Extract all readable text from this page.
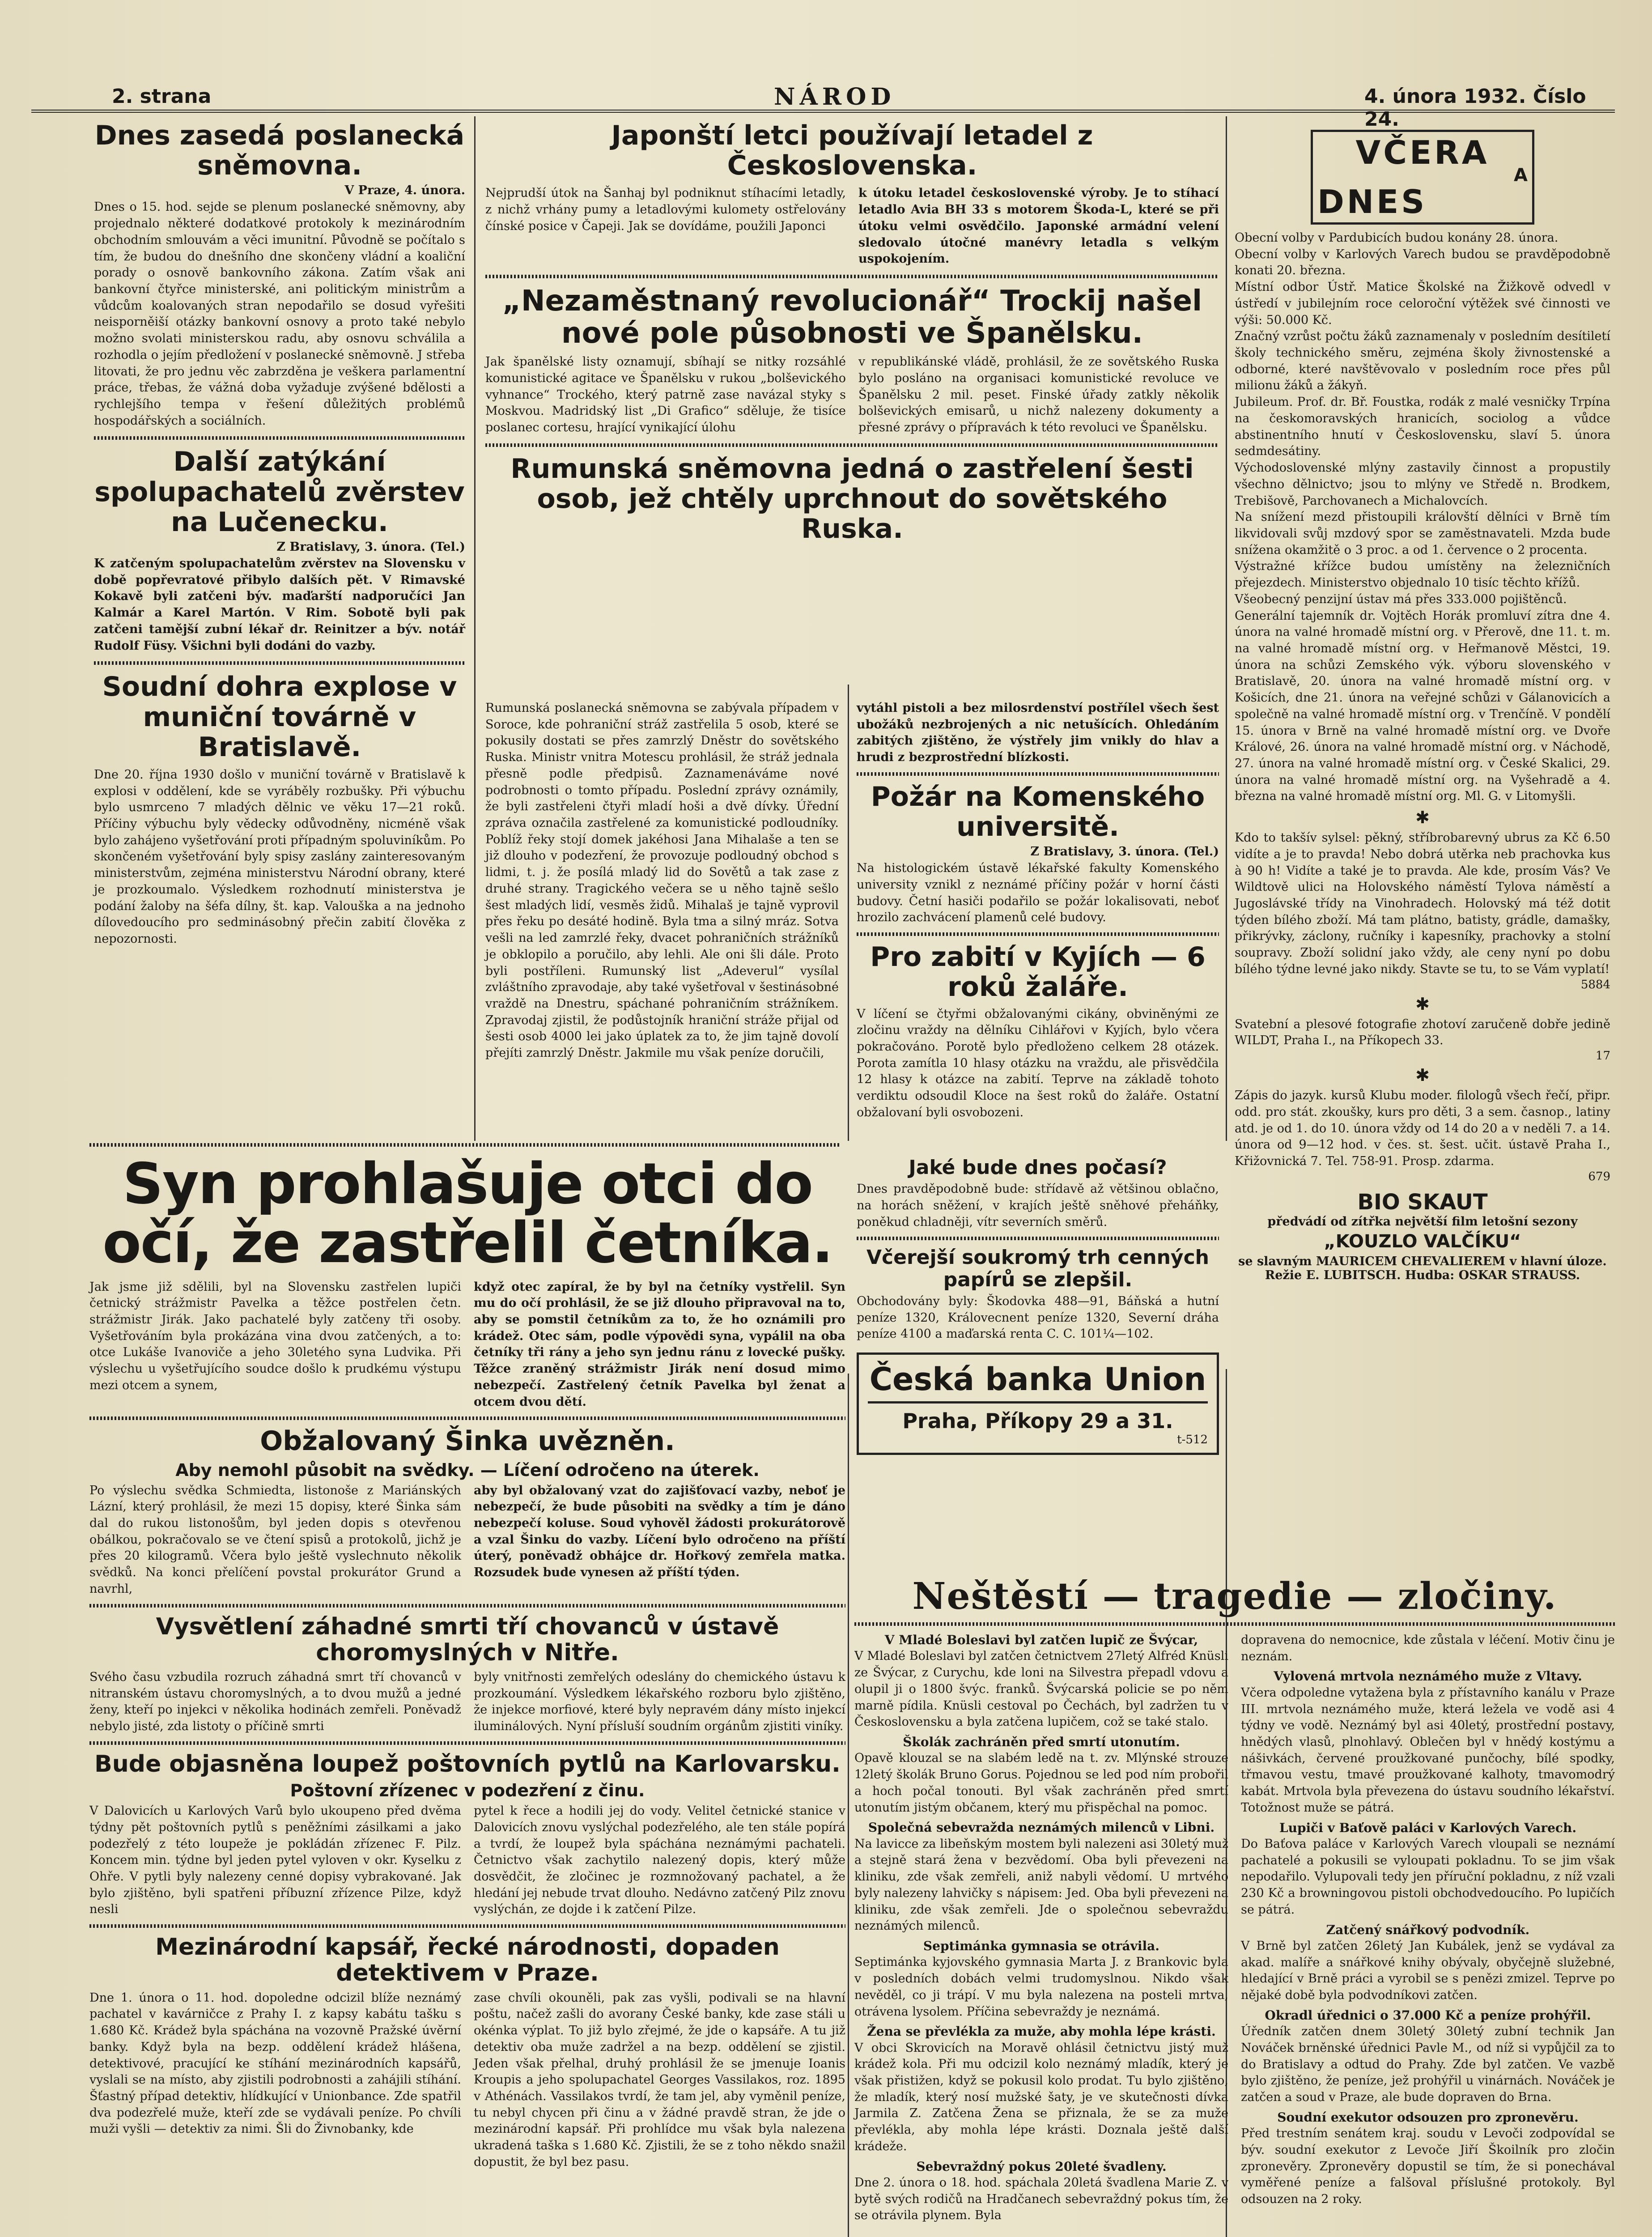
2. strana	NÁROD	4. února 1932. Číslo 24.
Dnes zasedá poslanecká sněmovna.
V Praze, 4. února.

Dnes o 15. hod. sejde se plenum poslanecké sněmovny, aby projednalo některé dodatkové protokoly k mezinárodním obchodním smlouvám a věci imunitní. Původně se počítalo s tím, že budou do dnešního dne skončeny vládní a koaliční porady o osnově bankovního zákona. Zatím však ani bankovní čtyřce ministerské, ani politickým ministrům a vůdcům koalovaných stran nepodařilo se dosud vyřešiti neisporněiší otázky bankovní osnovy a proto také nebylo možno svolati ministerskou radu, aby osnovu schválila a rozhodla o jejím předložení v poslanecké sněmovně. J střeba litovati, že pro jednu věc zabrzděna je veškera parlamentní práce, třebas, že vážná doba vyžaduje zvýšené bdělosti a rychlejšího tempa v řešení důležitých problémů hospodářských a sociálních.

Další zatýkání spolupachatelů zvěrstev na Lučenecku.
Z Bratislavy, 3. února. (Tel.)

K zatčeným spolupachatelům zvěrstev na Slovensku v době popřevratové přibylo dalších pět. V Rimavské Kokavě byli zatčeni býv. maďarští nadporučíci Jan Kalmár a Karel Martón. V Rim. Sobotě byli pak zatčeni tamější zubní lékař dr. Reinitzer a býv. notář Rudolf Füsy. Všichni byli dodáni do vazby.

Soudní dohra explose v muniční továrně v Bratislavě.

Dne 20. října 1930 došlo v muniční továrně v Bratislavě k explosi v oddělení, kde se vyráběly rozbušky. Při výbuchu bylo usmrceno 7 mladých dělnic ve věku 17—21 roků. Příčiny výbuchu byly vědecky odůvodněny, nicméně však bylo zahájeno vyšetřování proti případným spoluviníkům. Po skončeném vyšetřování byly spisy zaslány zainteresovaným ministerstvům, zejména ministerstvu Národní obrany, které je prozkoumalo. Výsledkem rozhodnutí ministerstva je podání žaloby na šéfa dílny, št. kap. Valouška a na jednoho dílovedoucího pro sedminásobný přečin zabití člověka z nepozornosti.

Japonští letci používají letadel z Československa.

Nejprudší útok na Šanhaj byl podniknut stíhacími letadly, z nichž vrhány pumy a letadlovými kulomety ostřelovány čínské posice v Čapeji. Jak se dovídáme, použili Japonci

k útoku letadel československé výroby. Je to stíhací letadlo Avia BH 33 s motorem Škoda-L, které se při útoku velmi osvědčilo. Japonské armádní velení sledovalo útočné manévry letadla s velkým uspokojením.

„Nezaměstnaný revolucionář“ Trockij našel nové pole působnosti ve Španělsku.

Jak španělské listy oznamují, sbíhají se nitky rozsáhlé komunistické agitace ve Španělsku v rukou „bolševického vyhnance“ Trockého, který patrně zase navázal styky s Moskvou. Madridský list „Di Grafico“ sděluje, že tisíce poslanec cortesu, hrající vynikající úlohu

v republikánské vládě, prohlásil, že ze sovětského Ruska bylo posláno na organisaci komunistické revoluce ve Španělsku 2 mil. peset. Finské úřady zatkly několik bolševických emisarů, u nichž nalezeny dokumenty a přesné zprávy o přípravách k této revoluci ve Španělsku.

Rumunská sněmovna jedná o zastřelení šesti osob, jež chtěly uprchnout do sovětského Ruska.

Rumunská poslanecká sněmovna se zabývala případem v Soroce, kde pohraniční stráž zastřelila 5 osob, které se pokusily dostati se přes zamrzlý Dněstr do sovětského Ruska. Ministr vnitra Motescu prohlásil, že stráž jednala přesně podle předpisů. Zaznamenáváme nové podrobnosti o tomto případu. Poslední zprávy oznámily, že byli zastřeleni čtyři mladí hoši a dvě dívky. Úřední zpráva označila zastřelené za komunistické podloudníky. Poblíž řeky stojí domek jakéhosi Jana Mihalaše a ten se již dlouho v podezření, že provozuje podloudný obchod s lidmi, t. j. že posílá mladý lid do Sovětů a tak zase z druhé strany. Tragického večera se u něho tajně sešlo šest mladých lidí, vesměs židů. Mihalaš je tajně vyprovil přes řeku po desáté hodině. Byla tma a silný mráz. Sotva vešli na led zamrzlé řeky, dvacet pohraničních strážníků je obklopilo a poručilo, aby lehli. Ale oni šli dále. Proto byli postříleni. Rumunský list „Adeverul“ vysílal zvláštního zpravodaje, aby také vyšetřoval v šestinásobné vraždě na Dnestru, spáchané pohraničním strážníkem. Zpravodaj zjistil, že podůstojník hraniční stráže přijal od šesti osob 4000 lei jako úplatek za to, že jim tajně dovolí přejíti zamrzlý Dněstr. Jakmile mu však peníze doručili,

vytáhl pistoli a bez milosrdenství postřílel všech šest ubožáků nezbrojených a nic netušících. Ohledáním zabitých zjištěno, že výstřely jim vnikly do hlav a hrudi z bezprostřední blízkosti.

Požár na Komenského universitě.
Z Bratislavy, 3. února. (Tel.)

Na histologickém ústavě lékařské fakulty Komenského university vznikl z neznámé příčiny požár v horní části budovy. Četní hasiči podařilo se požár lokalisovati, neboť hrozilo zachvácení plamenů celé budovy.

Pro zabití v Kyjích — 6 roků žaláře.

V líčení se čtyřmi obžalovanými cikány, obviněnými ze zločinu vraždy na dělníku Cihlářovi v Kyjích, bylo včera pokračováno. Porotě bylo předloženo celkem 28 otázek. Porota zamítla 10 hlasy otázku na vraždu, ale přisvědčila 12 hlasy k otázce na zabití. Teprve na základě tohoto verdiktu odsoudil Kloce na šest roků do žaláře. Ostatní obžalovaní byli osvobozeni.

VČERA
A
DNES

Obecní volby v Pardubicích budou konány 28. února.

Obecní volby v Karlových Varech budou se pravděpodobně konati 20. března.

Místní odbor Ústř. Matice Školské na Žižkově odvedl v ústředí v jubilejním roce celoroční výtěžek své činnosti ve výši: 50.000 Kč.

Značný vzrůst počtu žáků zaznamenaly v posledním desítiletí školy technického směru, zejména školy živnostenské a odborné, které navštěvovalo v posledním roce přes půl milionu žáků a žákyň.

Jubileum. Prof. dr. Bř. Foustka, rodák z malé vesničky Trpína na českomoravských hranicích, sociolog a vůdce abstinentního hnutí v Československu, slaví 5. února sedmdesátiny.

Východoslovenské mlýny zastavily činnost a propustily všechno dělnictvo; jsou to mlýny ve Středě n. Brodkem, Trebišově, Parchovanech a Michalovcích.

Na snížení mezd přistoupili královští dělníci v Brně tím likvidovali svůj mzdový spor se zaměstnavateli. Mzda bude snížena okamžitě o 3 proc. a od 1. července o 2 procenta.

Výstražné křížce budou umístěny na železničních přejezdech. Ministerstvo objednalo 10 tisíc těchto křížů.

Všeobecný penzijní ústav má přes 333.000 pojištěnců.

Generální tajemník dr. Vojtěch Horák promluví zítra dne 4. února na valné hromadě místní org. v Přerově, dne 11. t. m. na valné hromadě místní org. v Heřmanově Městci, 19. února na schůzi Zemského výk. výboru slovenského v Bratislavě, 20. února na valné hromadě místní org. v Košicích, dne 21. února na veřejné schůzi v Gálanovicích a společně na valné hromadě místní org. v Trenčíně. V pondělí 15. února v Brně na valné hromadě místní org. ve Dvoře Králové, 26. února na valné hromadě místní org. v Náchodě, 27. února na valné hromadě místní org. v České Skalici, 29. února na valné hromadě místní org. na Vyšehradě a 4. března na valné hromadě místní org. Ml. G. v Litomyšli.

✱

Kdo to takšív sylsel: pěkný, stříbrobarevný ubrus za Kč 6.50 vidíte a je to pravda! Nebo dobrá utěrka neb prachovka kus à 90 h! Vidíte a také je to pravda. Ale kde, prosím Vás? Ve Wildtově ulici na Holovského náměstí Tylova náměstí a Jugoslávské třídy na Vinohradech. Holovský má též dotit týden bílého zboží. Má tam plátno, batisty, grádle, damašky, přikrývky, záclony, ručníky i kapesníky, prachovky a stolní soupravy. Zboží solidní jako vždy, ale ceny nyní po dobu bílého týdne levné jako nikdy. Stavte se tu, to se Vám vyplatí!

5884
✱

Svatební a plesové fotografie zhotoví zaručeně dobře jedině WILDT, Praha I., na Příkopech 33.

17
✱

Zápis do jazyk. kursů Klubu moder. filologů všech řečí, připr. odd. pro stát. zkoušky, kurs pro děti, 3 a sem. časnop., latiny atd. je od 1. do 10. února vždy od 14 do 20 a v neděli 7. a 14. února od 9—12 hod. v čes. st. šest. učit. ústavě Praha I., Křižovnická 7. Tel. 758-91. Prosp. zdarma.

679
BIO SKAUT
předvádí od zítřka největší film letošní sezony
„KOUZLO VALČÍKU“
se slavným MAURICEM CHEVALIEREM v hlavní úloze. Režie E. LUBITSCH. Hudba: OSKAR STRAUSS.
Jaké bude dnes počasí?

Dnes pravděpodobně bude: střídavě až většinou oblačno, na horách sněžení, v krajích ještě sněhové přeháňky, poněkud chladněji, vítr severních směrů.

Včerejší soukromý trh cenných papírů se zlepšil.

Obchodovány byly: Škodovka 488—91, Báňská a hutní peníze 1320, Královecnent peníze 1320, Severní dráha peníze 4100 a maďarská renta C. C. 101¼—102.

Česká banka Union
Praha, Příkopy 29 a 31.
t-512
Syn prohlašuje otci do očí, že zastřelil četníka.

Jak jsme již sdělili, byl na Slovensku zastřelen lupiči četnický strážmistr Pavelka a těžce postřelen četn. strážmistr Jirák. Jako pachatelé byly zatčeny tři osoby. Vyšetřováním byla prokázána vina dvou zatčených, a to: otce Lukáše Ivanoviče a jeho 30letého syna Ludvika. Při výslechu u vyšetřujícího soudce došlo k prudkému výstupu mezi otcem a synem,

když otec zapíral, že by byl na četníky vystřelil. Syn mu do očí prohlásil, že se již dlouho připravoval na to, aby se pomstil četníkům za to, že ho oznámili pro krádež. Otec sám, podle výpovědi syna, vypálil na oba četníky tři rány a jeho syn jednu ránu z lovecké pušky. Těžce zraněný strážmistr Jirák není dosud mimo nebezpečí. Zastřelený četník Pavelka byl ženat a otcem dvou dětí.

Obžalovaný Šinka uvězněn.
Aby nemohl působit na svědky. — Líčení odročeno na úterek.

Po výslechu svědka Schmiedta, listonoše z Mariánských Lázní, který prohlásil, že mezi 15 dopisy, které Šinka sám dal do rukou listonošům, byl jeden dopis s otevřenou obálkou, pokračovalo se ve čtení spisů a protokolů, jichž je přes 20 kilogramů. Včera bylo ještě vyslechnuto několik svědků. Na konci přelíčení povstal prokurátor Grund a navrhl,

aby byl obžalovaný vzat do zajišťovací vazby, neboť je nebezpečí, že bude působiti na svědky a tím je dáno nebezpečí koluse. Soud vyhověl žádosti prokurátorově a vzal Šinku do vazby. Líčení bylo odročeno na příští úterý, poněvadž obhájce dr. Hořkový zemřela matka. Rozsudek bude vynesen až příští týden.

Vysvětlení záhadné smrti tří chovanců v ústavě choromyslných v Nitře.

Svého času vzbudila rozruch záhadná smrt tří chovanců v nitranském ústavu choromyslných, a to dvou mužů a jedné ženy, kteří po injekci v několika hodinách zemřeli. Poněvadž nebylo jisté, zda listoty o příčině smrti

byly vnitřnosti zemřelých odeslány do chemického ústavu k prozkoumání. Výsledkem lékařského rozboru bylo zjištěno, že injekce morfiové, které byly nepravém dány místo injekcí iluminálových. Nyní přísluší soudním orgánům zjistiti viníky.

Bude objasněna loupež poštovních pytlů na Karlovarsku.
Poštovní zřízenec v podezření z činu.

V Dalovicích u Karlových Varů bylo ukoupeno před dvěma týdny pět poštovních pytlů s peněžními zásilkami a jako podezřelý z této loupeže je pokládán zřízenec F. Pilz. Koncem min. týdne byl jeden pytel vyloven v okr. Kyselku z Ohře. V pytli byly nalezeny cenné dopisy vybrakované. Jak bylo zjištěno, byli spatřeni příbuzní zřízence Pilze, když nesli

pytel k řece a hodili jej do vody. Velitel četnické stanice v Dalovicích znovu vyslýchal podezřelého, ale ten stále popírá a tvrdí, že loupež byla spáchána neznámými pachateli. Četnictvo však zachytilo nalezený dopis, který může dosvědčit, že zločinec je rozmnožovaný pachatel, a že hledání jej nebude trvat dlouho. Nedávno zatčený Pilz znovu vyslýchán, ze dojde i k zatčení Pilze.

Mezinárodní kapsář, řecké národnosti, dopaden detektivem v Praze.

Dne 1. února o 11. hod. dopoledne odcizil blíže neznámý pachatel v kavárničce z Prahy I. z kapsy kabátu tašku s 1.680 Kč. Krádež byla spáchána na vozovně Pražské úvěrní banky. Když byla na bezp. oddělení krádež hlášena, detektivové, pracující ke stíhání mezinárodních kapsářů, vyslali se na místo, aby zjistili podrobnosti a zahájili stíhání. Šťastný případ detektiv, hlídkující v Unionbance. Zde spatřil dva podezřelé muže, kteří zde se vydávali peníze. Po chvíli muži vyšli — detektiv za nimi. Šli do Živnobanky, kde

zase chvíli okouněli, pak zas vyšli, podivali se na hlavní poštu, načež zašli do avorany České banky, kde zase stáli u okénka výplat. To již bylo zřejmé, že jde o kapsáře. A tu již detektiv oba muže zadržel a na bezp. oddělení se zjistil. Jeden však přelhal, druhý prohlásil že se jmenuje Ioanis Kroupis a jeho spolupachatel Georges Vassilakos, roz. 1895 v Athénách. Vassilakos tvrdí, že tam jel, aby vyměnil peníze, tu nebyl chycen při činu a v žádné pravdě stran, že jde o mezinárodní kapsář. Při prohlídce mu však byla nalezena ukradená taška s 1.680 Kč. Zjistili, že se z toho někdo snažil dopustit, že byl bez pasu.

Neštěstí — tragedie — zločiny.
V Mladé Boleslavi byl zatčen lupič ze Švýcar,

V Mladé Boleslavi byl zatčen četnictvem 27letý Alfréd Knüsli ze Švýcar, z Curychu, kde loni na Silvestra přepadl vdovu a olupil ji o 1800 švýc. franků. Švýcarská policie se po něm marně pídila. Knüsli cestoval po Čechách, byl zadržen tu v Československu a byla zatčena lupičem, což se také stalo.

Školák zachráněn před smrtí utonutím.

Opavě klouzal se na slabém ledě na t. zv. Mlýnské strouze 12letý školák Bruno Gorus. Pojednou se led pod ním probořil a hoch počal tonouti. Byl však zachráněn před smrtí utonutím jistým občanem, který mu přispěchal na pomoc.

Společná sebevražda neznámých milenců v Libni.

Na lavicce za libeňským mostem byli nalezeni asi 30letý muž a stejně stará žena v bezvědomí. Oba byli převezeni na kliniku, zde však zemřeli, aniž nabyli vědomí. U mrtvého byly nalezeny lahvičky s nápisem: Jed. Oba byli převezeni na kliniku, zde však zemřeli. Jde o společnou sebevraždu neznámých milenců.

Septimánka gymnasia se otrávila.

Septimánka kyjovského gymnasia Marta J. z Brankovic byla v posledních dobách velmi trudomyslnou. Nikdo však nevěděl, co ji trápí. V mu byla nalezena na posteli mrtva, otrávena lysolem. Příčina sebevraždy je neznámá.

Žena se převlékla za muže, aby mohla lépe krásti.

V obci Skrovicích na Moravě ohlásil četnictvu jistý muž krádež kola. Při mu odcizil kolo neznámý mladík, který je však přistižen, když se pokusil kolo prodat. Tu bylo zjištěno, že mladík, který nosí mužské šaty, je ve skutečnosti dívka Jarmila Z. Zatčena Žena se přiznala, že se za muže převlékla, aby mohla lépe krásti. Doznala ještě další krádeže.

Sebevraždný pokus 20leté švadleny.

Dne 2. února o 18. hod. spáchala 20letá švadlena Marie Z. v bytě svých rodičů na Hradčanech sebevraždný pokus tím, že se otrávila plynem. Byla

dopravena do nemocnice, kde zůstala v léčení. Motiv činu je neznám.

Vylovená mrtvola neznámého muže z Vltavy.

Včera odpoledne vytažena byla z přístavního kanálu v Praze III. mrtvola neznámého muže, která ležela ve vodě asi 4 týdny ve vodě. Neznámý byl asi 40letý, prostřední postavy, hnědých vlasů, plnohlavý. Oblečen byl v hnědý kostýmu a nášivkách, červené proužkované punčochy, bílé spodky, třmavou vestu, tmavé proužkované kalhoty, tmavomodrý kabát. Mrtvola byla převezena do ústavu soudního lékařství. Totožnost muže se pátrá.

Lupiči v Baťově paláci v Karlových Varech.

Do Baťova paláce v Karlových Varech vloupali se neznámí pachatelé a pokusili se vyloupati pokladnu. To se jim však nepodařilo. Vylupovali tedy jen příruční pokladnu, z níž vzali 230 Kč a browningovou pistoli obchodvedoucího. Po lupičích se pátrá.

Zatčený snářkový podvodník.

V Brně byl zatčen 26letý Jan Kubálek, jenž se vydával za akad. malíře a snářkové knihy obývaly, obyčejně služebné, hledající v Brně práci a vyrobil se s penězi zmizel. Teprve po nějaké době byla podvodníkovi zatčen.

Okradl úřednici o 37.000 Kč a peníze prohýřil.

Úředník zatčen dnem 30letý 30letý zubní technik Jan Nováček brněnské úřednici Pavle M., od níž si vypůjčil za to do Bratislavy a odtud do Prahy. Zde byl zatčen. Ve vazbě bylo zjištěno, že peníze, jež prohýřil u vinárnách. Nováček je zatčen a soud v Praze, ale bude dopraven do Brna.

Soudní exekutor odsouzen pro zpronevěru.

Před trestním senátem kraj. soudu v Levoči zodpovídal se býv. soudní exekutor z Levoče Jiří Škoilník pro zločin zpronevěry. Zpronevěry dopustil se tím, že si ponechával vyměřené peníze a falšoval příslušné protokoly. Byl odsouzen na 2 roky.
